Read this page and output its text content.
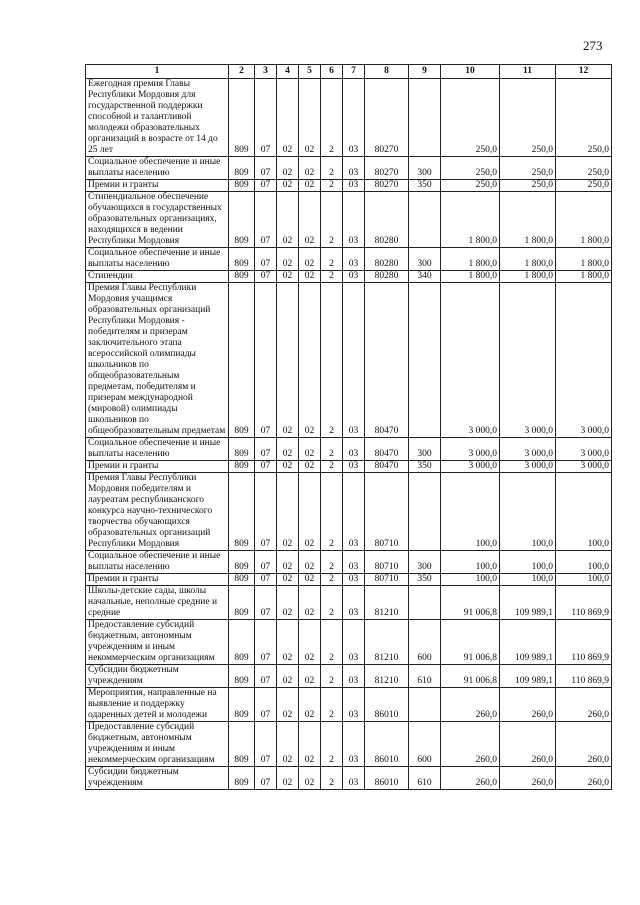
273
1	2	3	4	5	6	7	8	9	10	11	12
Ежегодная премия Главы Республики Мордовия для государственной поддержки способной и талантливой молодежи образовательных организаций в возрасте от 14 до 25 лет	809	07	02	02	2	03	80270		250,0	250,0	250,0
Социальное обеспечение и иные выплаты населению	809	07	02	02	2	03	80270	300	250,0	250,0	250,0
Премии и гранты	809	07	02	02	2	03	80270	350	250,0	250,0	250,0
Стипендиальное обеспечение обучающихся в государственных образовательных организациях, находящихся в ведении Республики Мордовия	809	07	02	02	2	03	80280		1 800,0	1 800,0	1 800,0
Социальное обеспечение и иные выплаты населению	809	07	02	02	2	03	80280	300	1 800,0	1 800,0	1 800,0
Стипендии	809	07	02	02	2	03	80280	340	1 800,0	1 800,0	1 800,0
Премия Главы Республики Мордовия учащимся образовательных организаций Республики Мордовия - победителям и призерам заключительного этапа всероссийской олимпиады школьников по общеобразовательным предметам, победителям и призерам международной (мировой) олимпиады школьников по общеобразовательным предметам	809	07	02	02	2	03	80470		3 000,0	3 000,0	3 000,0
Социальное обеспечение и иные выплаты населению	809	07	02	02	2	03	80470	300	3 000,0	3 000,0	3 000,0
Премии и гранты	809	07	02	02	2	03	80470	350	3 000,0	3 000,0	3 000,0
Премия Главы Республики Мордовия победителям и лауреатам республиканского конкурса научно-технического творчества обучающихся образовательных организаций Республики Мордовия	809	07	02	02	2	03	80710		100,0	100,0	100,0
Социальное обеспечение и иные выплаты населению	809	07	02	02	2	03	80710	300	100,0	100,0	100,0
Премии и гранты	809	07	02	02	2	03	80710	350	100,0	100,0	100,0
Школы-детские сады, школы начальные, неполные средние и средние	809	07	02	02	2	03	81210		91 006,8	109 989,1	110 869,9
Предоставление субсидий бюджетным, автономным учреждениям и иным некоммерческим организациям	809	07	02	02	2	03	81210	600	91 006,8	109 989,1	110 869,9
Субсидии бюджетным учреждениям	809	07	02	02	2	03	81210	610	91 006,8	109 989,1	110 869,9
Мероприятия, направленные на выявление и поддержку одаренных детей и молодежи	809	07	02	02	2	03	86010		260,0	260,0	260,0
Предоставление субсидий бюджетным, автономным учреждениям и иным некоммерческим организациям	809	07	02	02	2	03	86010	600	260,0	260,0	260,0
Субсидии бюджетным учреждениям	809	07	02	02	2	03	86010	610	260,0	260,0	260,0
